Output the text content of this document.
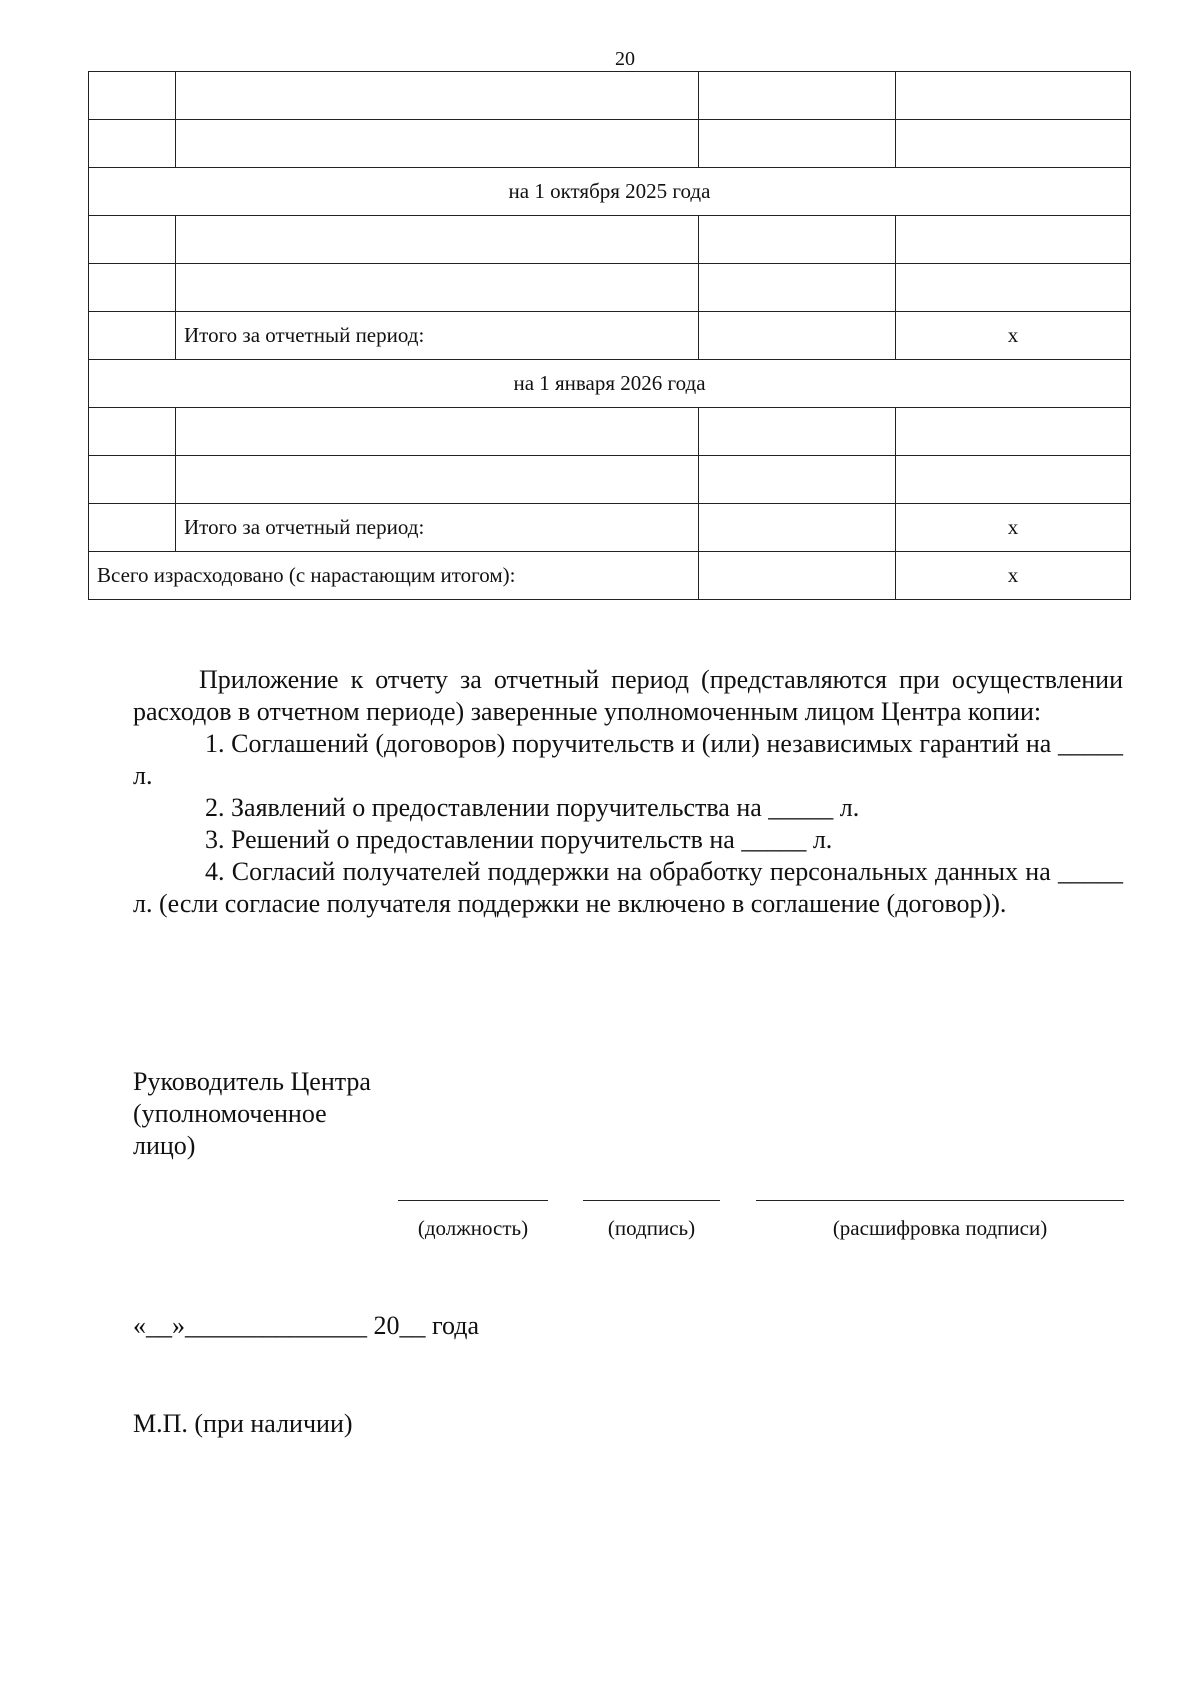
20

на 1 октября 2025 года			

	Итого за отчетный период:		x
на 1 января 2026 года			

	Итого за отчетный период:		x
Всего израсходовано (с нарастающим итогом):			x

Приложение к отчету за отчетный период (представляются при осуществлении расходов в отчетном периоде) заверенные уполномоченным лицом Центра копии:

1. Соглашений (договоров) поручительств и (или) независимых гарантий на _____ л.

2. Заявлений о предоставлении поручительства на _____ л.

3. Решений о предоставлении поручительств на _____ л.

4. Согласий получателей поддержки на обработку персональных данных на _____ л. (если согласие получателя поддержки не включено в соглашение (договор)).

Руководитель Центра (уполномоченное лицо)
(должность)	(подпись)	(расшифровка подписи)
«__»______________ 20__ года
М.П. (при наличии)
